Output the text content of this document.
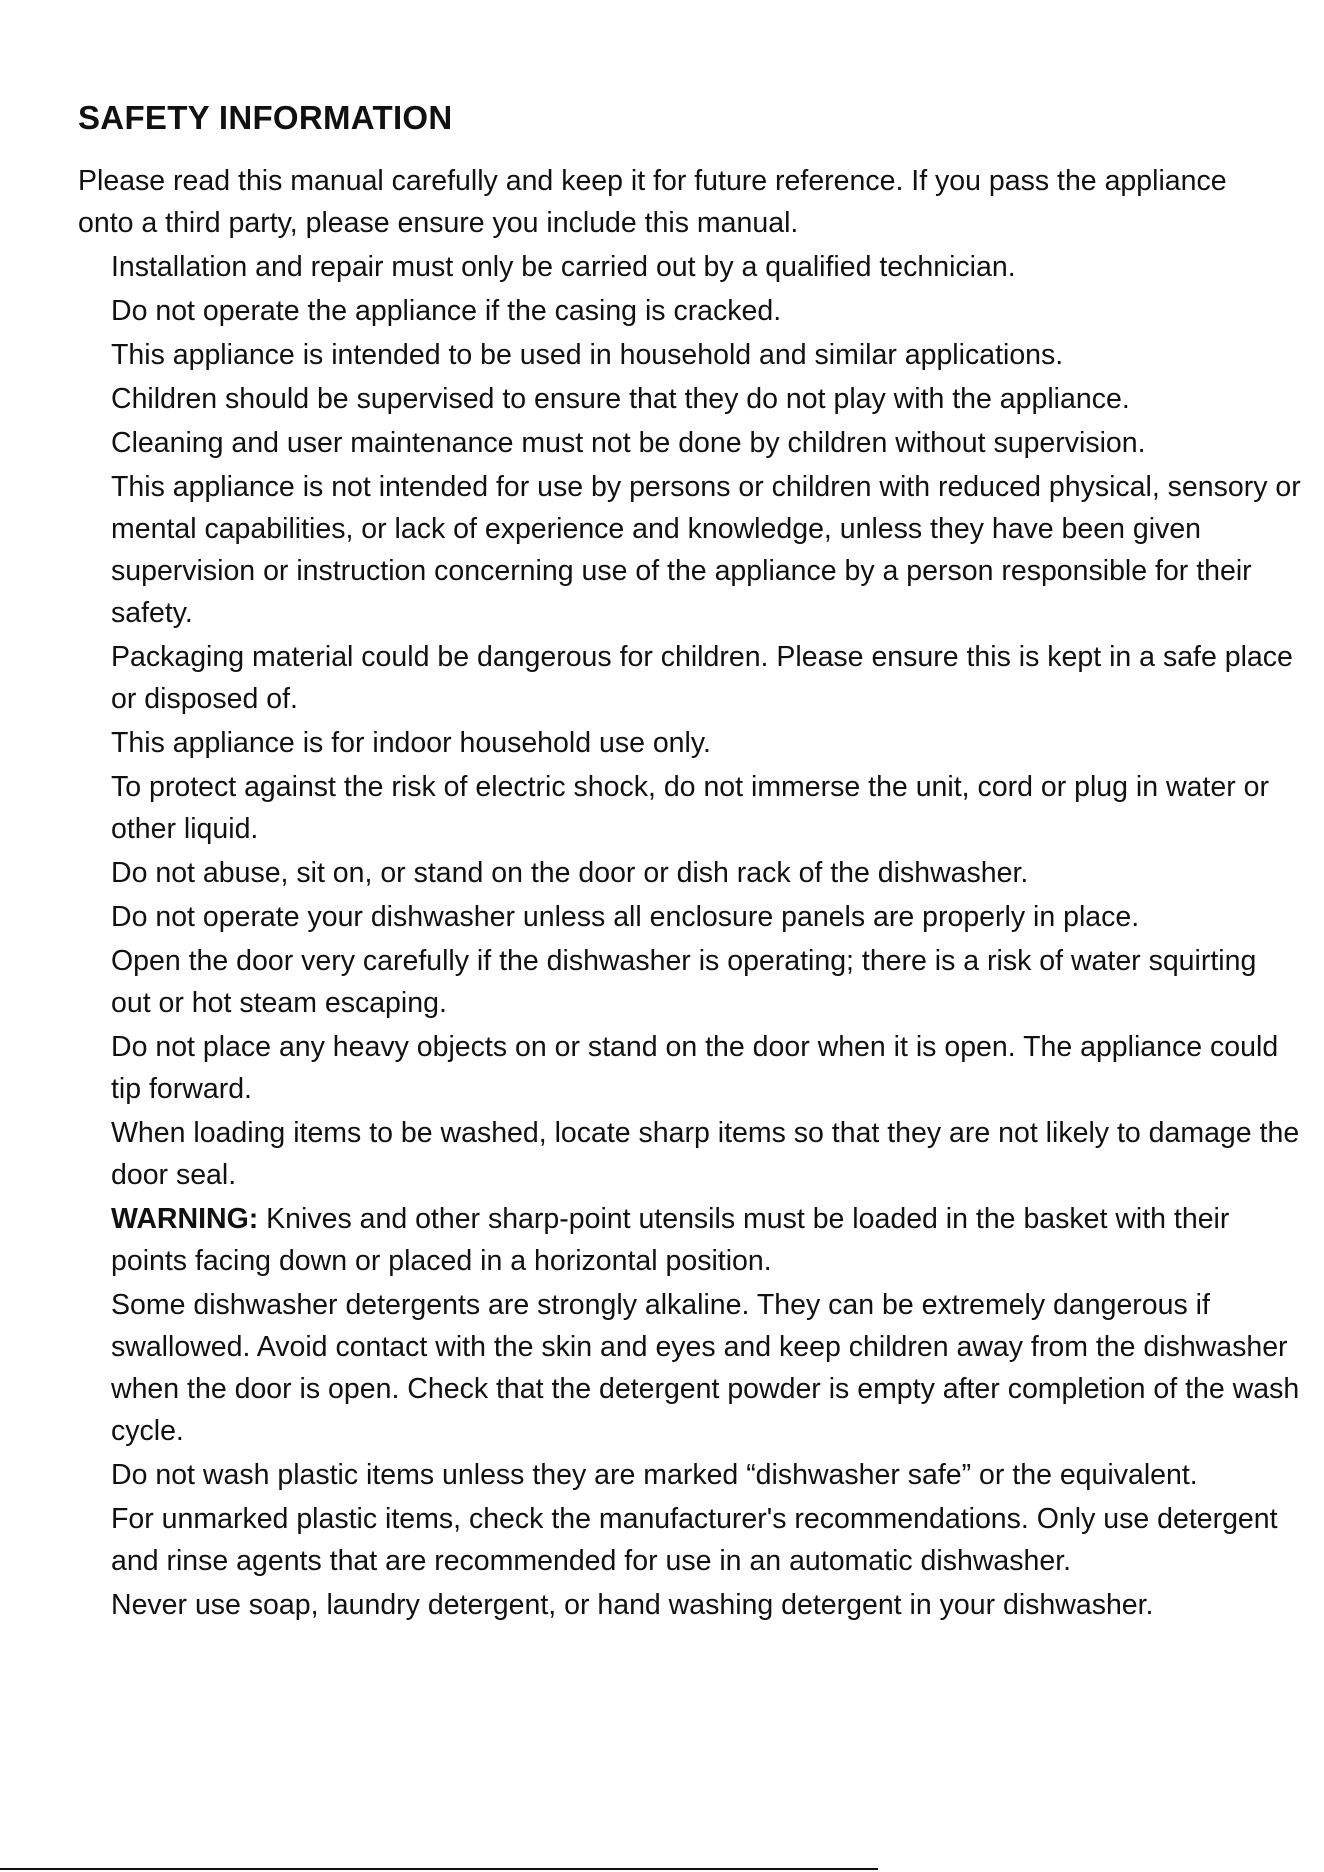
SAFETY INFORMATION

Please read this manual carefully and keep it for future reference. If you pass the appliance onto a third party, please ensure you include this manual.

Installation and repair must only be carried out by a qualified technician.
Do not operate the appliance if the casing is cracked.
This appliance is intended to be used in household and similar applications.
Children should be supervised to ensure that they do not play with the appliance.
Cleaning and user maintenance must not be done by children without supervision.
This appliance is not intended for use by persons or children with reduced physical, sensory or mental capabilities, or lack of experience and knowledge, unless they have been given supervision or instruction concerning use of the appliance by a person responsible for their safety.
Packaging material could be dangerous for children. Please ensure this is kept in a safe place or disposed of.
This appliance is for indoor household use only.
To protect against the risk of electric shock, do not immerse the unit, cord or plug in water or other liquid.
Do not abuse, sit on, or stand on the door or dish rack of the dishwasher.
Do not operate your dishwasher unless all enclosure panels are properly in place.
Open the door very carefully if the dishwasher is operating; there is a risk of water squirting out or hot steam escaping.
Do not place any heavy objects on or stand on the door when it is open. The appliance could tip forward.
When loading items to be washed, locate sharp items so that they are not likely to damage the door seal.
WARNING: Knives and other sharp-point utensils must be loaded in the basket with their points facing down or placed in a horizontal position.
Some dishwasher detergents are strongly alkaline. They can be extremely dangerous if swallowed. Avoid contact with the skin and eyes and keep children away from the dishwasher when the door is open. Check that the detergent powder is empty after completion of the wash cycle.
Do not wash plastic items unless they are marked “dishwasher safe” or the equivalent.
For unmarked plastic items, check the manufacturer's recommendations. Only use detergent and rinse agents that are recommended for use in an automatic dishwasher.
Never use soap, laundry detergent, or hand washing detergent in your dishwasher.
